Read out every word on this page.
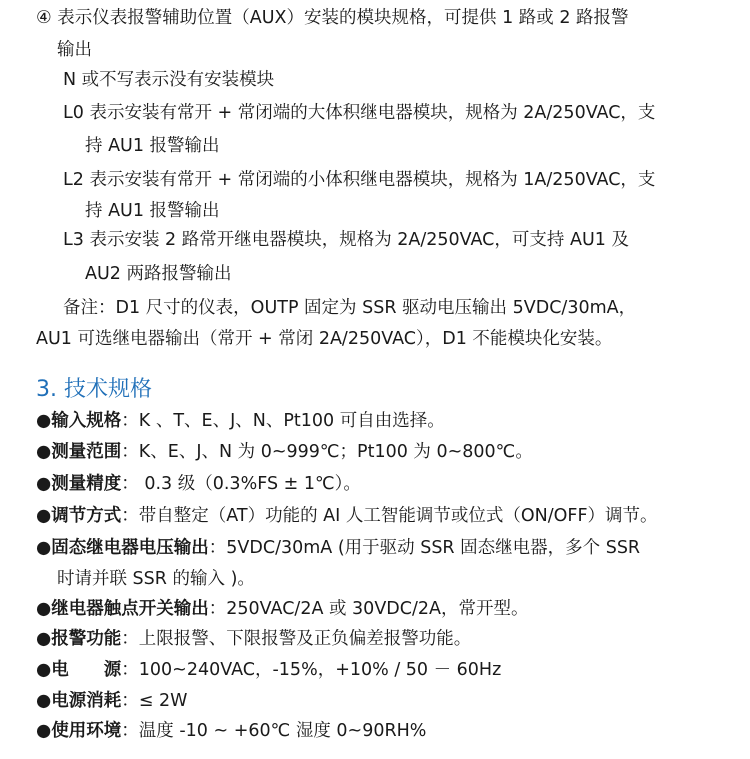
④ 表示仪表报警辅助位置（AUX）安装的模块规格，可提供 1 路或 2 路报警
输出
N 或不写表示没有安装模块
L0 表示安装有常开 + 常闭端的大体积继电器模块，规格为 2A/250VAC，支
持 AU1 报警输出
L2 表示安装有常开 + 常闭端的小体积继电器模块，规格为 1A/250VAC，支
持 AU1 报警输出
L3 表示安装 2 路常开继电器模块，规格为 2A/250VAC，可支持 AU1 及
AU2 两路报警输出
备注：D1 尺寸的仪表，OUTP 固定为 SSR 驱动电压输出 5VDC/30mA，
AU1 可选继电器输出（常开 + 常闭 2A/250VAC），D1 不能模块化安装。
3. 技术规格
●输入规格：K 、T、E、J、N、Pt100 可自由选择。
●测量范围：K、E、J、N 为 0~999℃；Pt100 为 0~800℃。
●测量精度： 0.3 级（0.3%FS ± 1℃）。
●调节方式：带自整定（AT）功能的 AI 人工智能调节或位式（ON/OFF）调节。
●固态继电器电压输出：5VDC/30mA (用于驱动 SSR 固态继电器，多个 SSR
时请并联 SSR 的输入 )。
●继电器触点开关输出：250VAC/2A 或 30VDC/2A，常开型。
●报警功能：上限报警、下限报警及正负偏差报警功能。
●电　　源：100~240VAC，-15%，+10% / 50 － 60Hz
●电源消耗：≤ 2W
●使用环境：温度 -10 ~ +60℃ 湿度 0~90RH%
